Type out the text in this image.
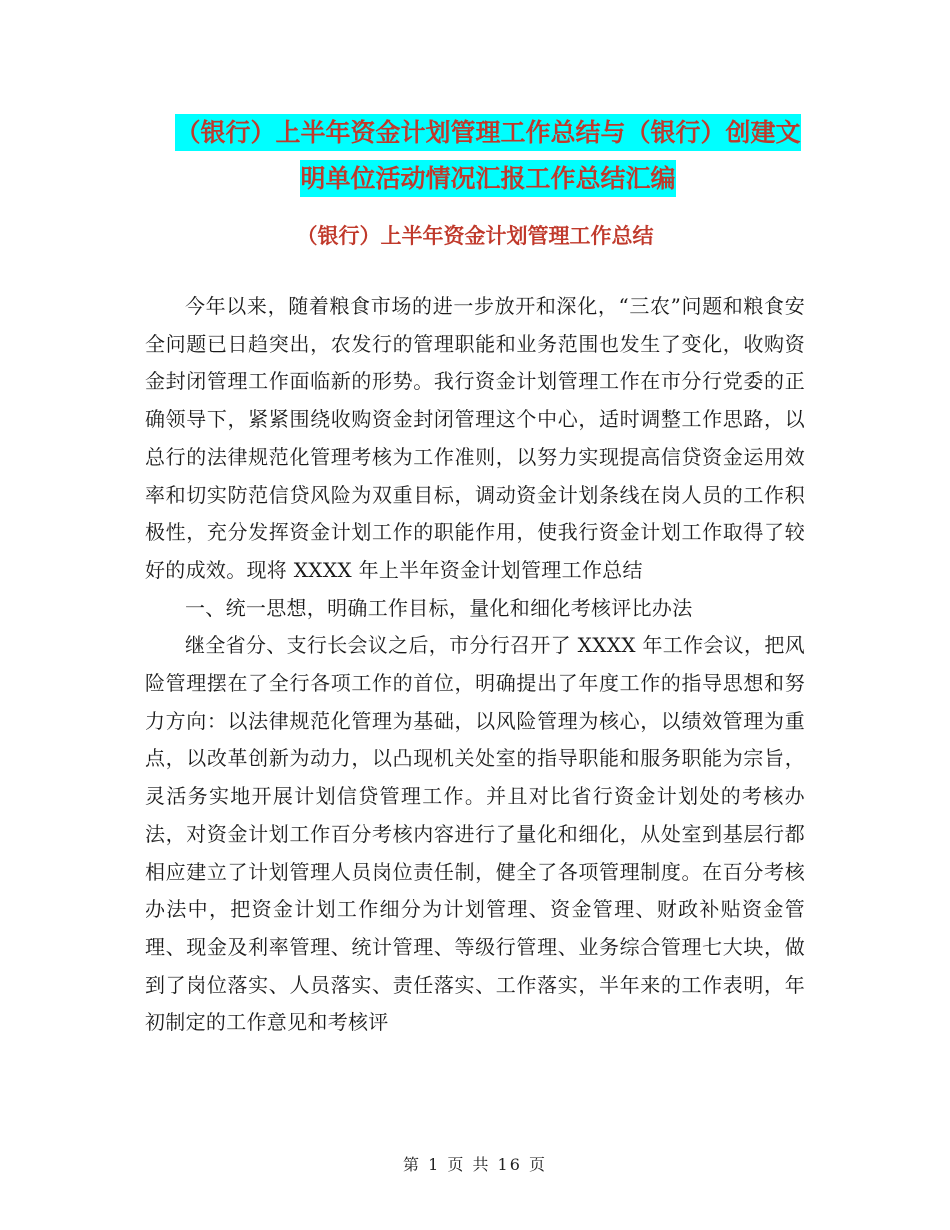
（银行）上半年资金计划管理工作总结与（银行）创建文明单位活动情况汇报工作总结汇编
（银行）上半年资金计划管理工作总结

今年以来，随着粮食市场的进一步放开和深化，“三农”问题和粮食安全问题已日趋突出，农发行的管理职能和业务范围也发生了变化，收购资金封闭管理工作面临新的形势。我行资金计划管理工作在市分行党委的正确领导下，紧紧围绕收购资金封闭管理这个中心，适时调整工作思路，以总行的法律规范化管理考核为工作准则，以努力实现提高信贷资金运用效率和切实防范信贷风险为双重目标，调动资金计划条线在岗人员的工作积极性，充分发挥资金计划工作的职能作用，使我行资金计划工作取得了较好的成效。现将 XXXX 年上半年资金计划管理工作总结

一、统一思想，明确工作目标，量化和细化考核评比办法

继全省分、支行长会议之后，市分行召开了 XXXX 年工作会议，把风险管理摆在了全行各项工作的首位，明确提出了年度工作的指导思想和努力方向：以法律规范化管理为基础，以风险管理为核心，以绩效管理为重点，以改革创新为动力，以凸现机关处室的指导职能和服务职能为宗旨，灵活务实地开展计划信贷管理工作。并且对比省行资金计划处的考核办法，对资金计划工作百分考核内容进行了量化和细化，从处室到基层行都相应建立了计划管理人员岗位责任制，健全了各项管理制度。在百分考核办法中，把资金计划工作细分为计划管理、资金管理、财政补贴资金管理、现金及利率管理、统计管理、等级行管理、业务综合管理七大块，做到了岗位落实、人员落实、责任落实、工作落实，半年来的工作表明，年初制定的工作意见和考核评

第 1 页 共 16 页
